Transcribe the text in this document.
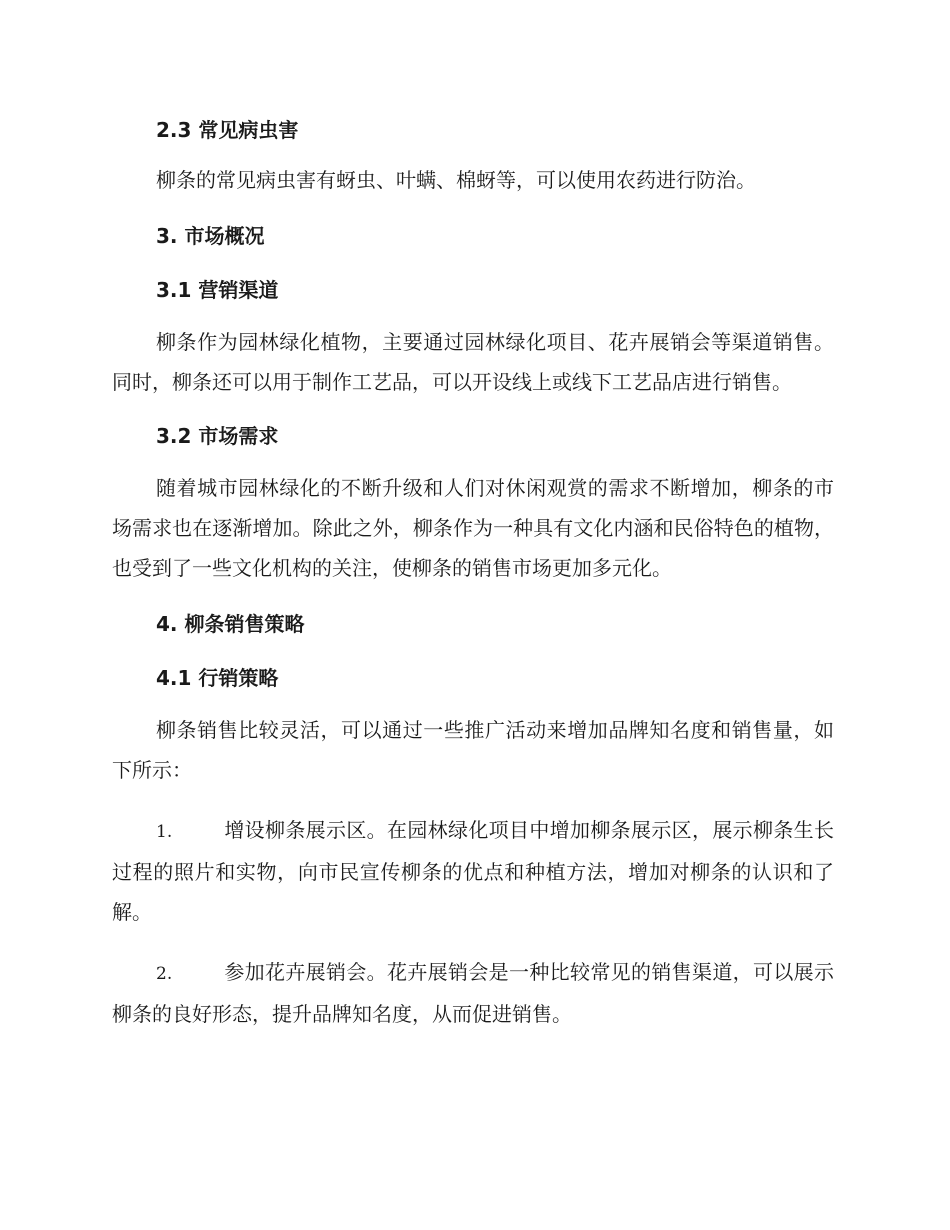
2.3 常见病虫害

柳条的常见病虫害有蚜虫、叶螨、棉蚜等，可以使用农药进行防治。

3. 市场概况
3.1 营销渠道

柳条作为园林绿化植物，主要通过园林绿化项目、花卉展销会等渠道销售。同时，柳条还可以用于制作工艺品，可以开设线上或线下工艺品店进行销售。

3.2 市场需求

随着城市园林绿化的不断升级和人们对休闲观赏的需求不断增加，柳条的市场需求也在逐渐增加。除此之外，柳条作为一种具有文化内涵和民俗特色的植物，也受到了一些文化机构的关注，使柳条的销售市场更加多元化。

4. 柳条销售策略
4.1 行销策略

柳条销售比较灵活，可以通过一些推广活动来增加品牌知名度和销售量，如下所示：

1.	增设柳条展示区。在园林绿化项目中增加柳条展示区，展示柳条生长过程的照片和实物，向市民宣传柳条的优点和种植方法，增加对柳条的认识和了解。

2.	参加花卉展销会。花卉展销会是一种比较常见的销售渠道，可以展示柳条的良好形态，提升品牌知名度，从而促进销售。
